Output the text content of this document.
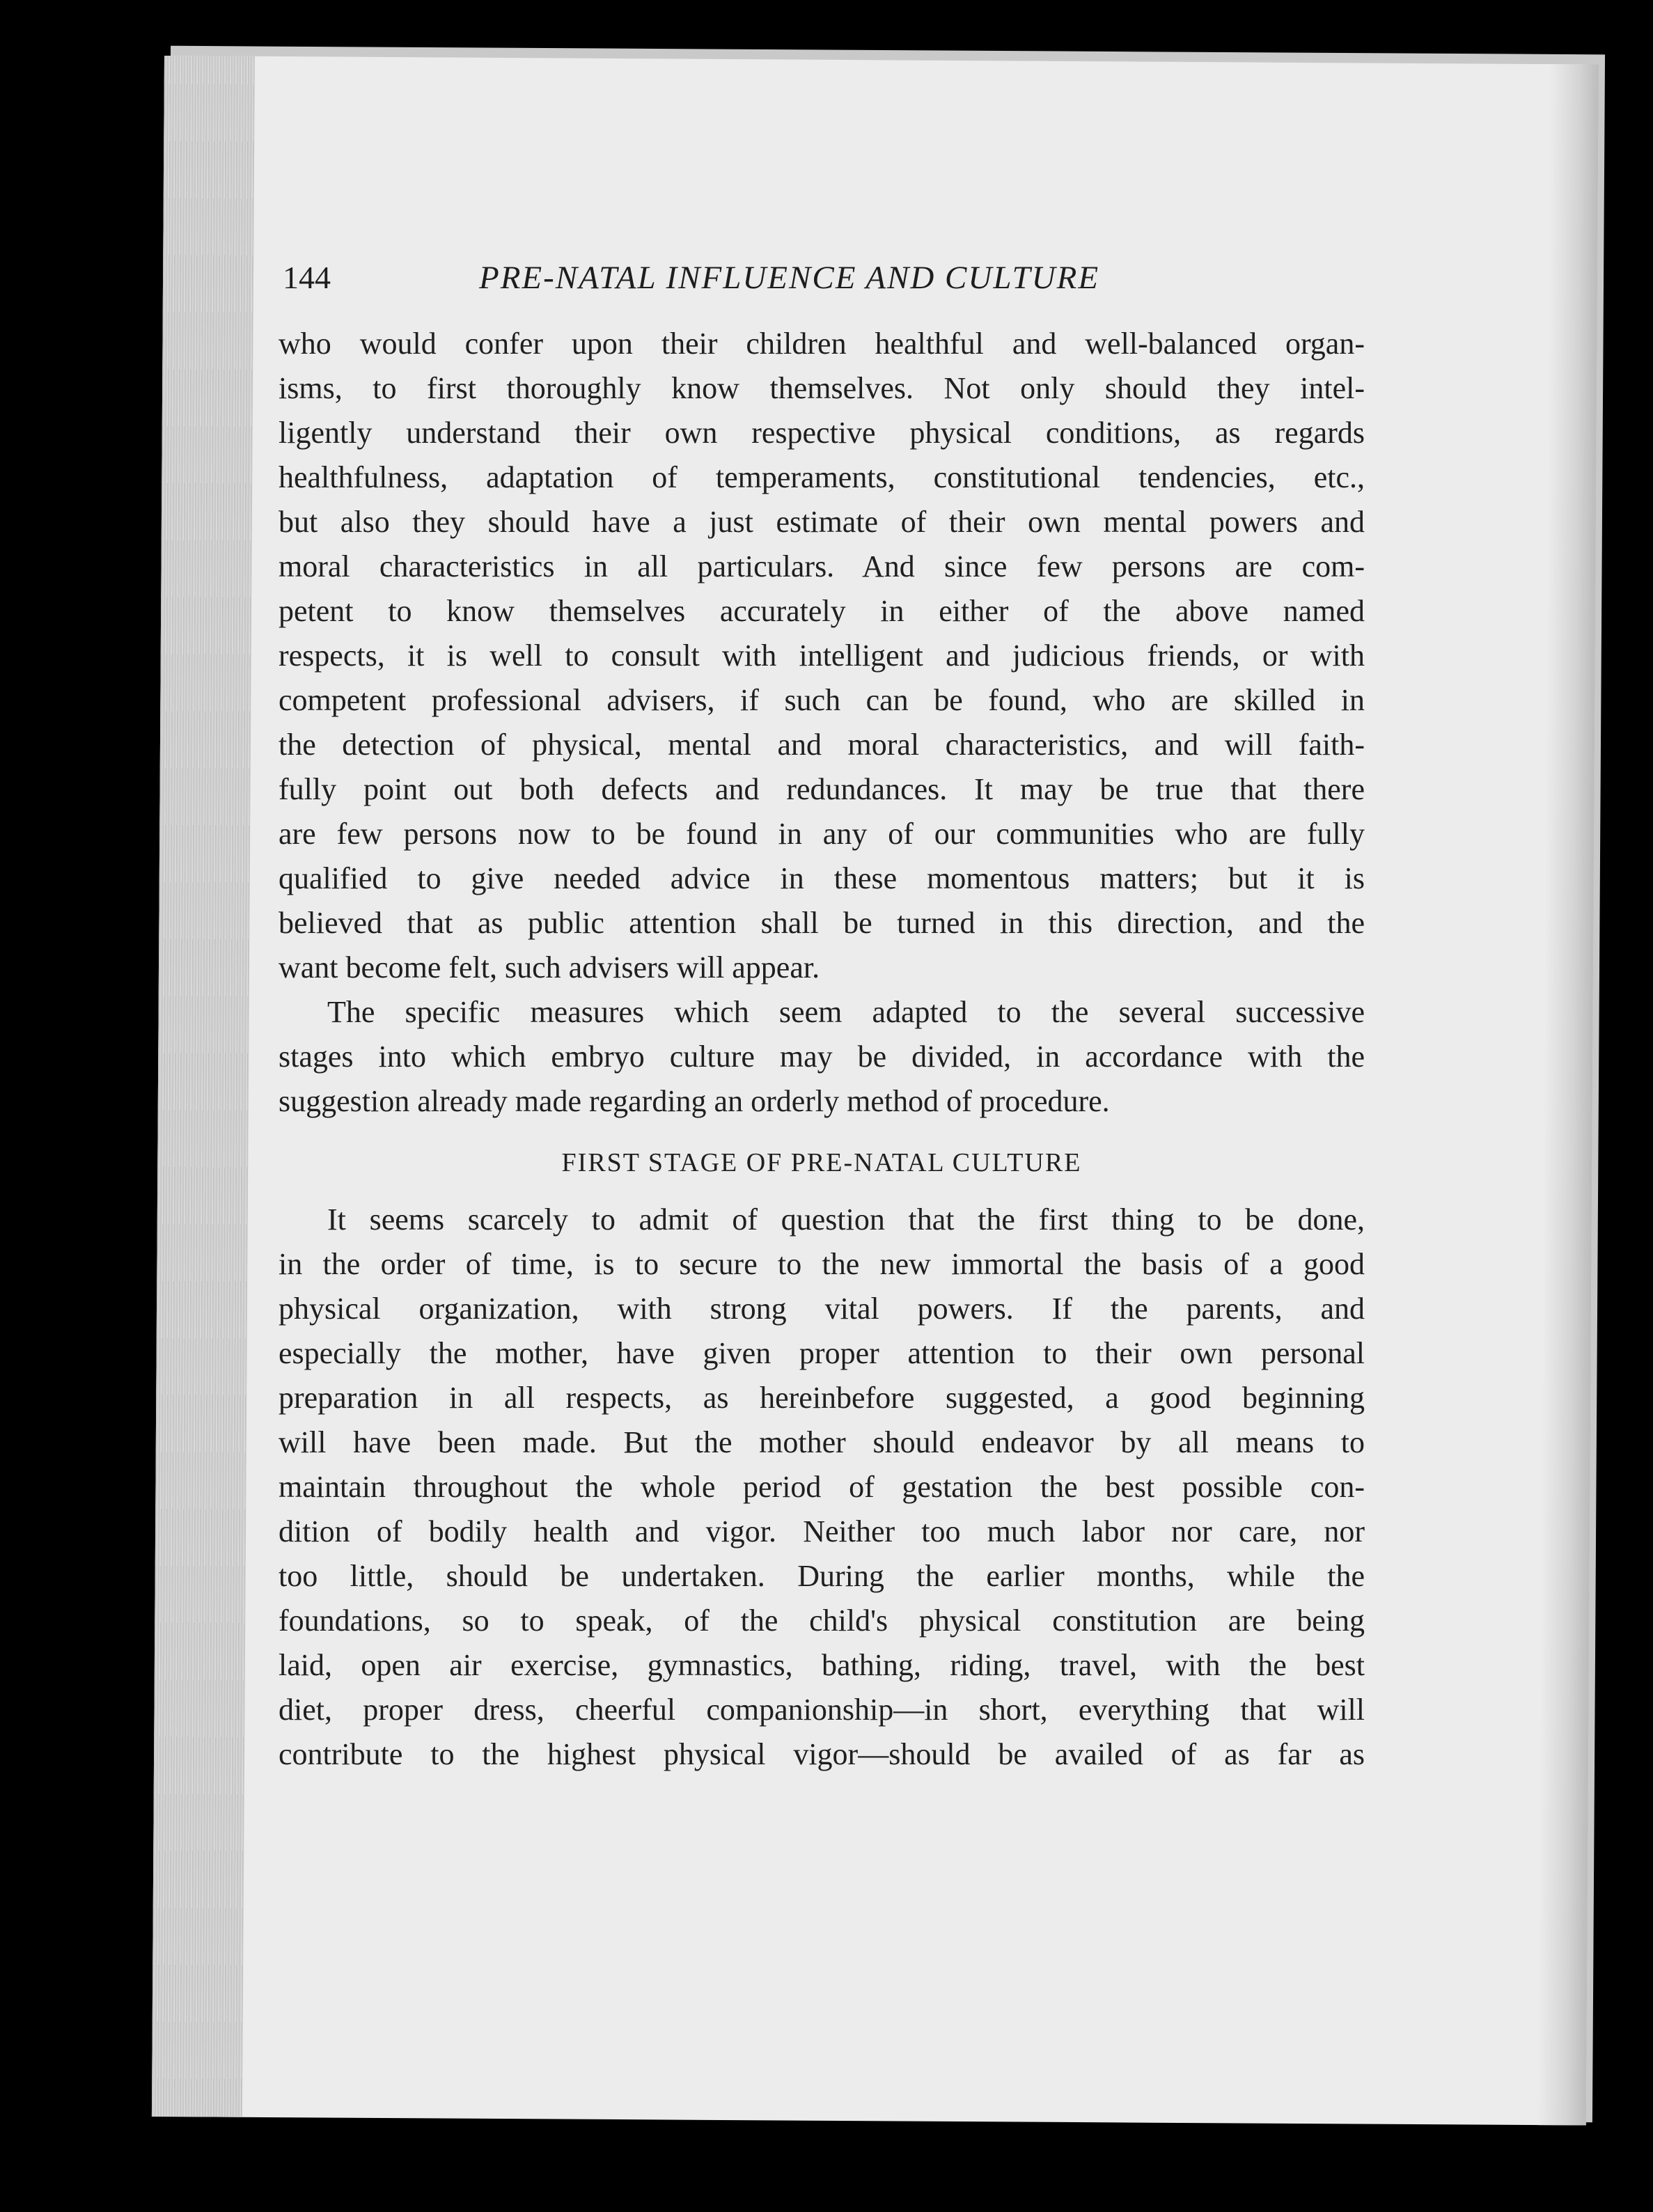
144	PRE-NATAL INFLUENCE AND CULTURE
who would confer upon their children healthful and well-balanced organ-
isms, to first thoroughly know themselves. Not only should they intel-
ligently understand their own respective physical conditions, as regards
healthfulness, adaptation of temperaments, constitutional tendencies, etc.,
but also they should have a just estimate of their own mental powers and
moral characteristics in all particulars. And since few persons are com-
petent to know themselves accurately in either of the above named
respects, it is well to consult with intelligent and judicious friends, or with
competent professional advisers, if such can be found, who are skilled in
the detection of physical, mental and moral characteristics, and will faith-
fully point out both defects and redundances. It may be true that there
are few persons now to be found in any of our communities who are fully
qualified to give needed advice in these momentous matters; but it is
believed that as public attention shall be turned in this direction, and the
want become felt, such advisers will appear.
The specific measures which seem adapted to the several successive
stages into which embryo culture may be divided, in accordance with the
suggestion already made regarding an orderly method of procedure.
FIRST STAGE OF PRE-NATAL CULTURE
It seems scarcely to admit of question that the first thing to be done,
in the order of time, is to secure to the new immortal the basis of a good
physical organization, with strong vital powers. If the parents, and
especially the mother, have given proper attention to their own personal
preparation in all respects, as hereinbefore suggested, a good beginning
will have been made. But the mother should endeavor by all means to
maintain throughout the whole period of gestation the best possible con-
dition of bodily health and vigor. Neither too much labor nor care, nor
too little, should be undertaken. During the earlier months, while the
foundations, so to speak, of the child's physical constitution are being
laid, open air exercise, gymnastics, bathing, riding, travel, with the best
diet, proper dress, cheerful companionship—in short, everything that will
contribute to the highest physical vigor—should be availed of as far as
